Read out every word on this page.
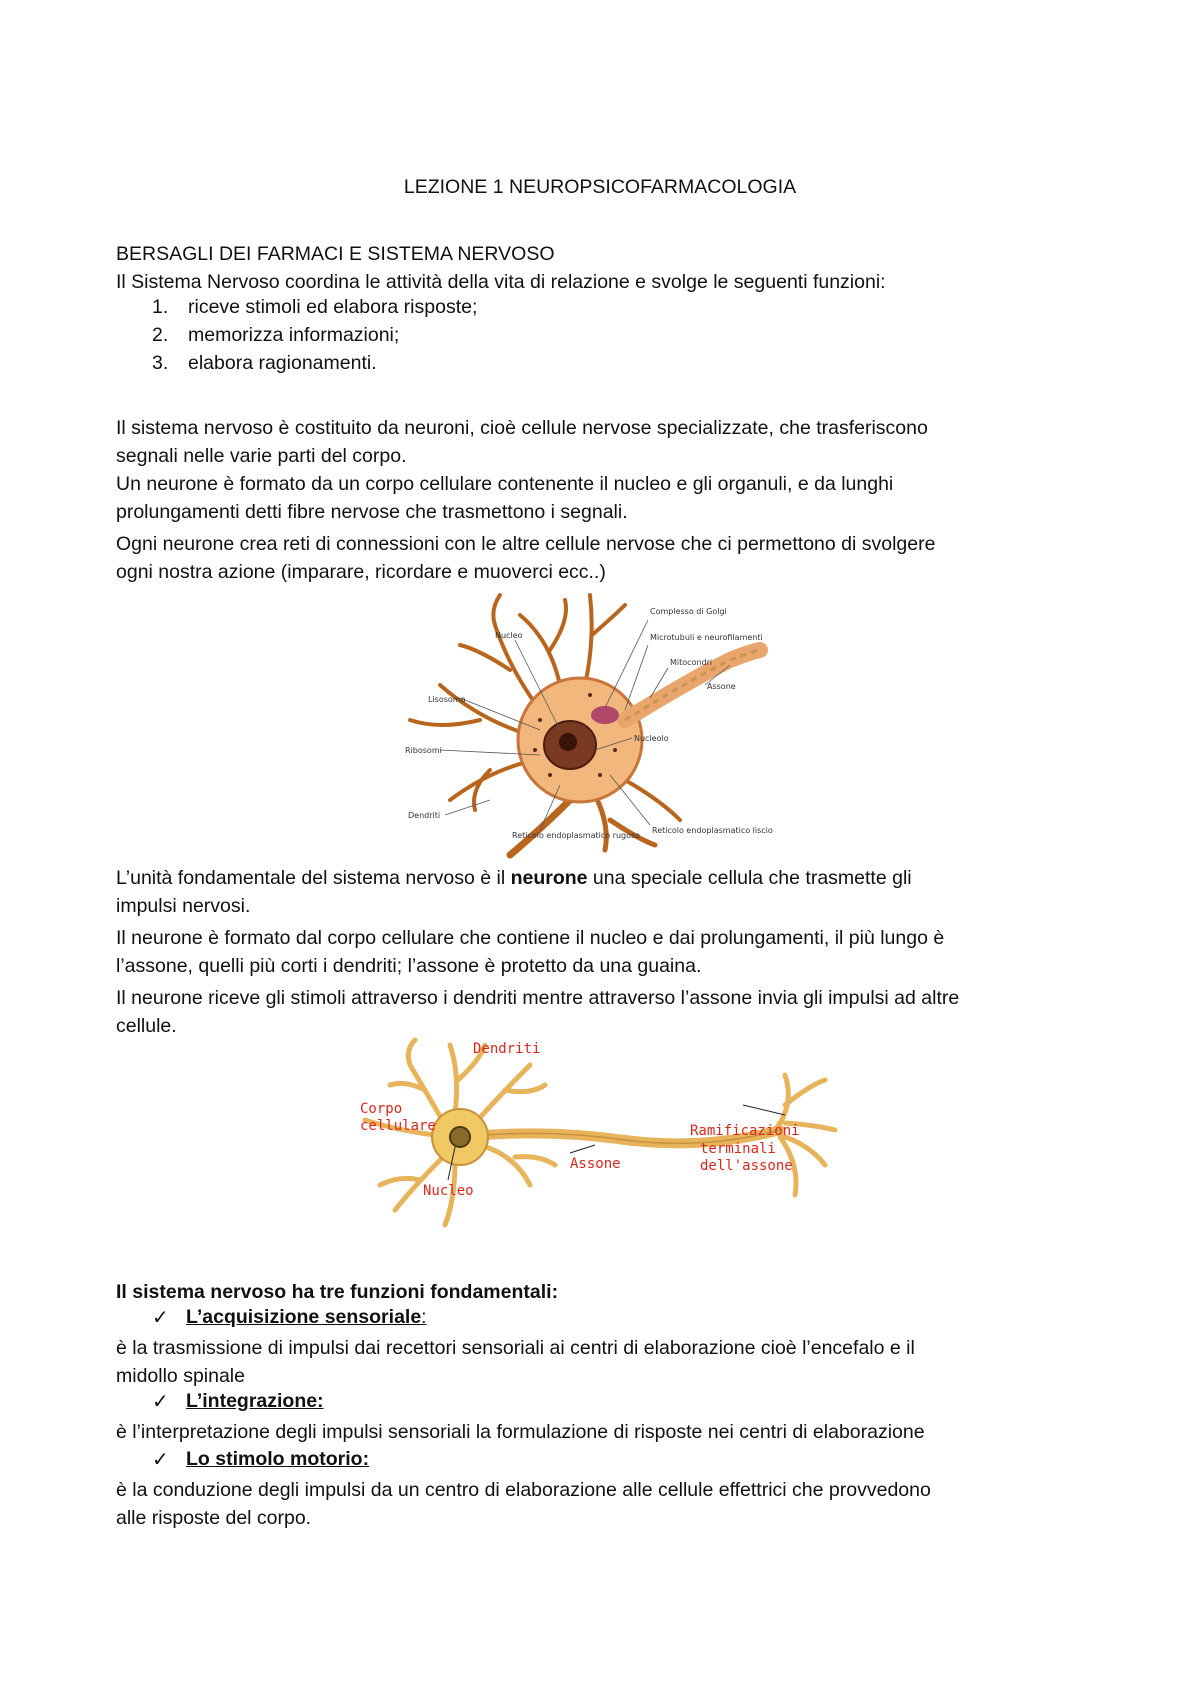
LEZIONE 1 NEUROPSICOFARMACOLOGIA
BERSAGLI DEI FARMACI E SISTEMA NERVOSO
Il Sistema Nervoso coordina le attività della vita di relazione e svolge le seguenti funzioni:
1. riceve stimoli ed elabora risposte;
2. memorizza informazioni;
3. elabora ragionamenti.
Il sistema nervoso è costituito da neuroni, cioè cellule nervose specializzate, che trasferiscono
segnali nelle varie parti del corpo.
Un neurone è formato da un corpo cellulare contenente il nucleo e gli organuli, e da lunghi
prolungamenti detti fibre nervose che trasmettono i segnali.
Ogni neurone crea reti di connessioni con le altre cellule nervose che ci permettono di svolgere
ogni nostra azione (imparare, ricordare e muoverci ecc..)
Complesso di Golgi
Microtubuli e neurofilamenti
Mitocondri
Assone
Nucleo
Lisosoma
Ribosomi
Nucleolo
Dendriti
Reticolo endoplasmatico rugoso
Reticolo endoplasmatico liscio
L’unità fondamentale del sistema nervoso è il neurone una speciale cellula che trasmette gli
impulsi nervosi.
Il neurone è formato dal corpo cellulare che contiene il nucleo e dai prolungamenti, il più lungo è
l’assone, quelli più corti i dendriti; l’assone è protetto da una guaina.
Il neurone riceve gli stimoli attraverso i dendriti mentre attraverso l’assone invia gli impulsi ad altre
cellule.
Dendriti
Corpo
cellulare
Assone
Nucleo
Ramificazioni
terminali
dell'assone
Il sistema nervoso ha tre funzioni fondamentali:
✓ L’acquisizione sensoriale:
è la trasmissione di impulsi dai recettori sensoriali ai centri di elaborazione cioè l’encefalo e il
midollo spinale
✓ L’integrazione:
è l’interpretazione degli impulsi sensoriali la formulazione di risposte nei centri di elaborazione
✓ Lo stimolo motorio:
è la conduzione degli impulsi da un centro di elaborazione alle cellule effettrici che provvedono
alle risposte del corpo.
